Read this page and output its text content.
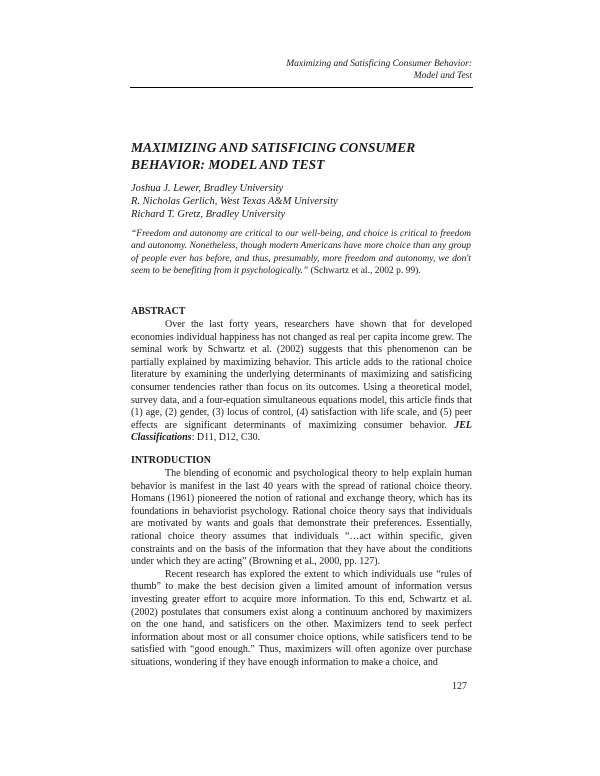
Maximizing and Satisficing Consumer Behavior:
Model and Test
MAXIMIZING AND SATISFICING CONSUMER
BEHAVIOR: MODEL AND TEST
Joshua J. Lewer, Bradley University
R. Nicholas Gerlich, West Texas A&M University
Richard T. Gretz, Bradley University
“Freedom and autonomy are critical to our well-being, and choice is critical to freedom and autonomy. Nonetheless, though modern Americans have more choice than any group of people ever has before, and thus, presumably, more freedom and autonomy, we don't seem to be benefiting from it psychologically.” (Schwartz et al., 2002 p. 99).
ABSTRACT

Over the last forty years, researchers have shown that for developed economies individual happiness has not changed as real per capita income grew. The seminal work by Schwartz et al. (2002) suggests that this phenomenon can be partially explained by maximizing behavior. This article adds to the rational choice literature by examining the underlying determinants of maximizing and satisficing consumer tendencies rather than focus on its outcomes. Using a theoretical model, survey data, and a four-equation simultaneous equations model, this article finds that (1) age, (2) gender, (3) locus of control, (4) satisfaction with life scale, and (5) peer effects are significant determinants of maximizing consumer behavior. JEL Classifications: D11, D12, C30.

INTRODUCTION

The blending of economic and psychological theory to help explain human behavior is manifest in the last 40 years with the spread of rational choice theory. Homans (1961) pioneered the notion of rational and exchange theory, which has its foundations in behaviorist psychology. Rational choice theory says that individuals are motivated by wants and goals that demonstrate their preferences. Essentially, rational choice theory assumes that individuals “…act within specific, given constraints and on the basis of the information that they have about the conditions under which they are acting” (Browning et al., 2000, pp. 127).

Recent research has explored the extent to which individuals use “rules of thumb” to make the best decision given a limited amount of information versus investing greater effort to acquire more information. To this end, Schwartz et al. (2002) postulates that consumers exist along a continuum anchored by maximizers on the one hand, and satisficers on the other. Maximizers tend to seek perfect information about most or all consumer choice options, while satisficers tend to be satisfied with “good enough.” Thus, maximizers will often agonize over purchase situations, wondering if they have enough information to make a choice, and

127
